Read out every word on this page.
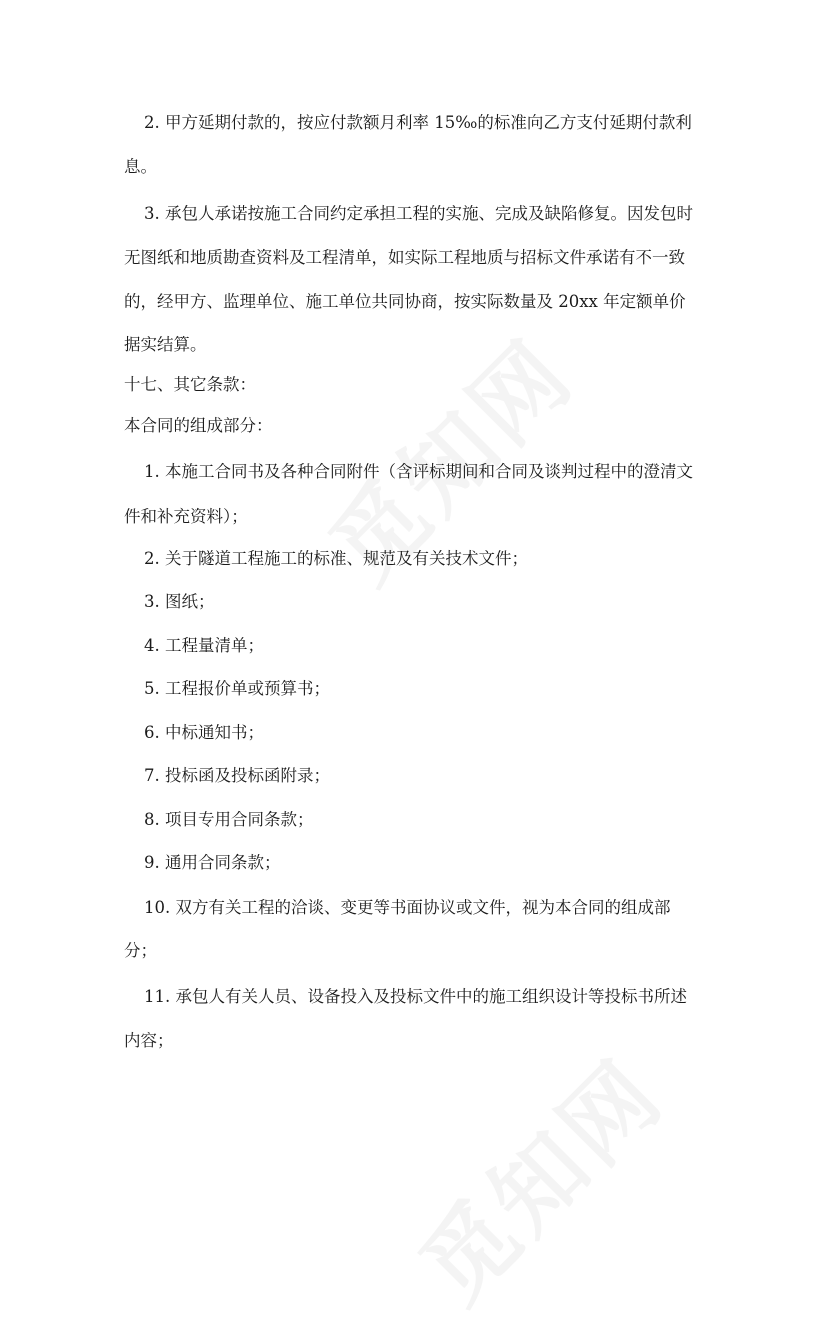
2. 甲方延期付款的，按应付款额月利率 15‰的标准向乙方支付延期付款利
息。
3. 承包人承诺按施工合同约定承担工程的实施、完成及缺陷修复。因发包时
无图纸和地质勘查资料及工程清单，如实际工程地质与招标文件承诺有不一致
的，经甲方、监理单位、施工单位共同协商，按实际数量及 20xx 年定额单价
据实结算。
十七、其它条款：
本合同的组成部分：
1. 本施工合同书及各种合同附件（含评标期间和合同及谈判过程中的澄清文
件和补充资料）；
2. 关于隧道工程施工的标准、规范及有关技术文件；
3. 图纸；
4. 工程量清单；
5. 工程报价单或预算书；
6. 中标通知书；
7. 投标函及投标函附录；
8. 项目专用合同条款；
9. 通用合同条款；
10. 双方有关工程的洽谈、变更等书面协议或文件，视为本合同的组成部
分；
11. 承包人有关人员、设备投入及投标文件中的施工组织设计等投标书所述
内容；
